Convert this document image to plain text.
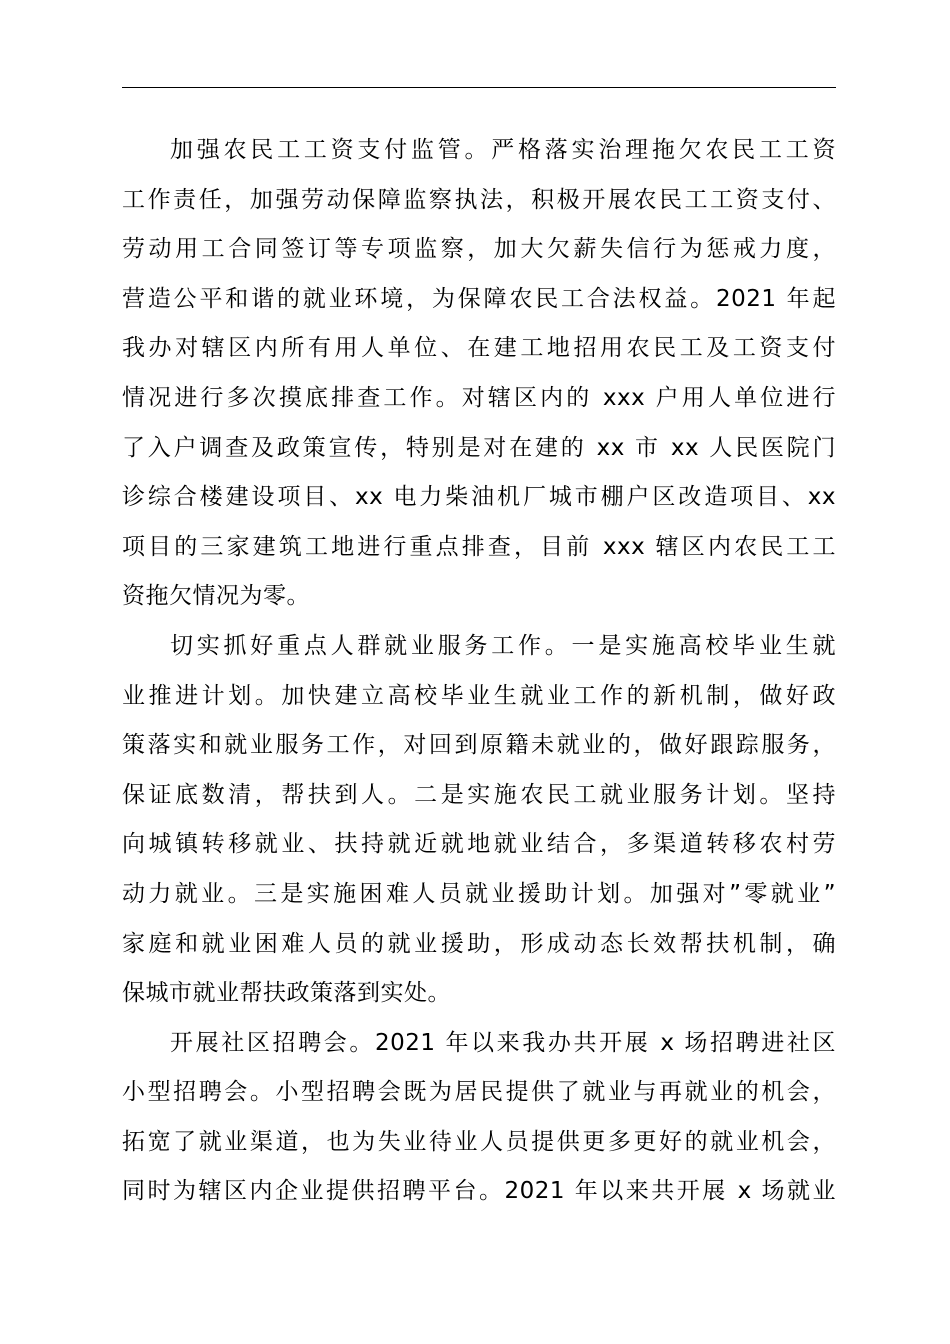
加强农民工工资支付监管。严格落实治理拖欠农民工工资
工作责任，加强劳动保障监察执法，积极开展农民工工资支付、
劳动用工合同签订等专项监察，加大欠薪失信行为惩戒力度，
营造公平和谐的就业环境，为保障农民工合法权益。2021 年起
我办对辖区内所有用人单位、在建工地招用农民工及工资支付
情况进行多次摸底排查工作。对辖区内的 xxx 户用人单位进行
了入户调查及政策宣传，特别是对在建的 xx 市 xx 人民医院门
诊综合楼建设项目、xx 电力柴油机厂城市棚户区改造项目、xx
项目的三家建筑工地进行重点排查，目前 xxx 辖区内农民工工
资拖欠情况为零。
切实抓好重点人群就业服务工作。一是实施高校毕业生就
业推进计划。加快建立高校毕业生就业工作的新机制，做好政
策落实和就业服务工作，对回到原籍未就业的，做好跟踪服务，
保证底数清，帮扶到人。二是实施农民工就业服务计划。坚持
向城镇转移就业、扶持就近就地就业结合，多渠道转移农村劳
动力就业。三是实施困难人员就业援助计划。加强对”零就业”
家庭和就业困难人员的就业援助，形成动态长效帮扶机制，确
保城市就业帮扶政策落到实处。
开展社区招聘会。2021 年以来我办共开展 x 场招聘进社区
小型招聘会。小型招聘会既为居民提供了就业与再就业的机会，
拓宽了就业渠道，也为失业待业人员提供更多更好的就业机会，
同时为辖区内企业提供招聘平台。2021 年以来共开展 x 场就业
